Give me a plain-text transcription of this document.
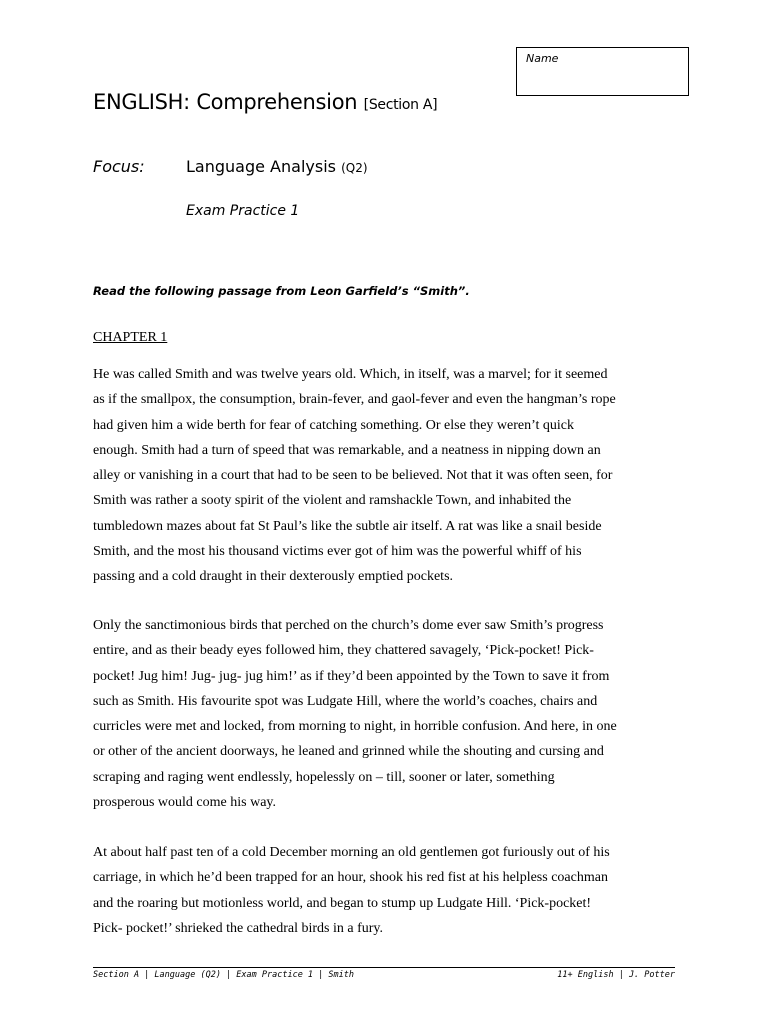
Name
ENGLISH: Comprehension [Section A]
Focus:	Language Analysis (Q2)
Exam Practice 1
Read the following passage from Leon Garfield’s “Smith”.
CHAPTER 1
He was called Smith and was twelve years old. Which, in itself, was a marvel; for it seemed
as if the smallpox, the consumption, brain-fever, and gaol-fever and even the hangman’s rope
had given him a wide berth for fear of catching something. Or else they weren’t quick
enough. Smith had a turn of speed that was remarkable, and a neatness in nipping down an
alley or vanishing in a court that had to be seen to be believed. Not that it was often seen, for
Smith was rather a sooty spirit of the violent and ramshackle Town, and inhabited the
tumbledown mazes about fat St Paul’s like the subtle air itself. A rat was like a snail beside
Smith, and the most his thousand victims ever got of him was the powerful whiff of his
passing and a cold draught in their dexterously emptied pockets.
Only the sanctimonious birds that perched on the church’s dome ever saw Smith’s progress
entire, and as their beady eyes followed him, they chattered savagely, ‘Pick-pocket! Pick-
pocket! Jug him! Jug- jug- jug him!’ as if they’d been appointed by the Town to save it from
such as Smith. His favourite spot was Ludgate Hill, where the world’s coaches, chairs and
curricles were met and locked, from morning to night, in horrible confusion. And here, in one
or other of the ancient doorways, he leaned and grinned while the shouting and cursing and
scraping and raging went endlessly, hopelessly on – till, sooner or later, something
prosperous would come his way.
At about half past ten of a cold December morning an old gentlemen got furiously out of his
carriage, in which he’d been trapped for an hour, shook his red fist at his helpless coachman
and the roaring but motionless world, and began to stump up Ludgate Hill. ‘Pick-pocket!
Pick- pocket!’ shrieked the cathedral birds in a fury.
Section A | Language (Q2) | Exam Practice 1 | Smith	11+ English | J. Potter
